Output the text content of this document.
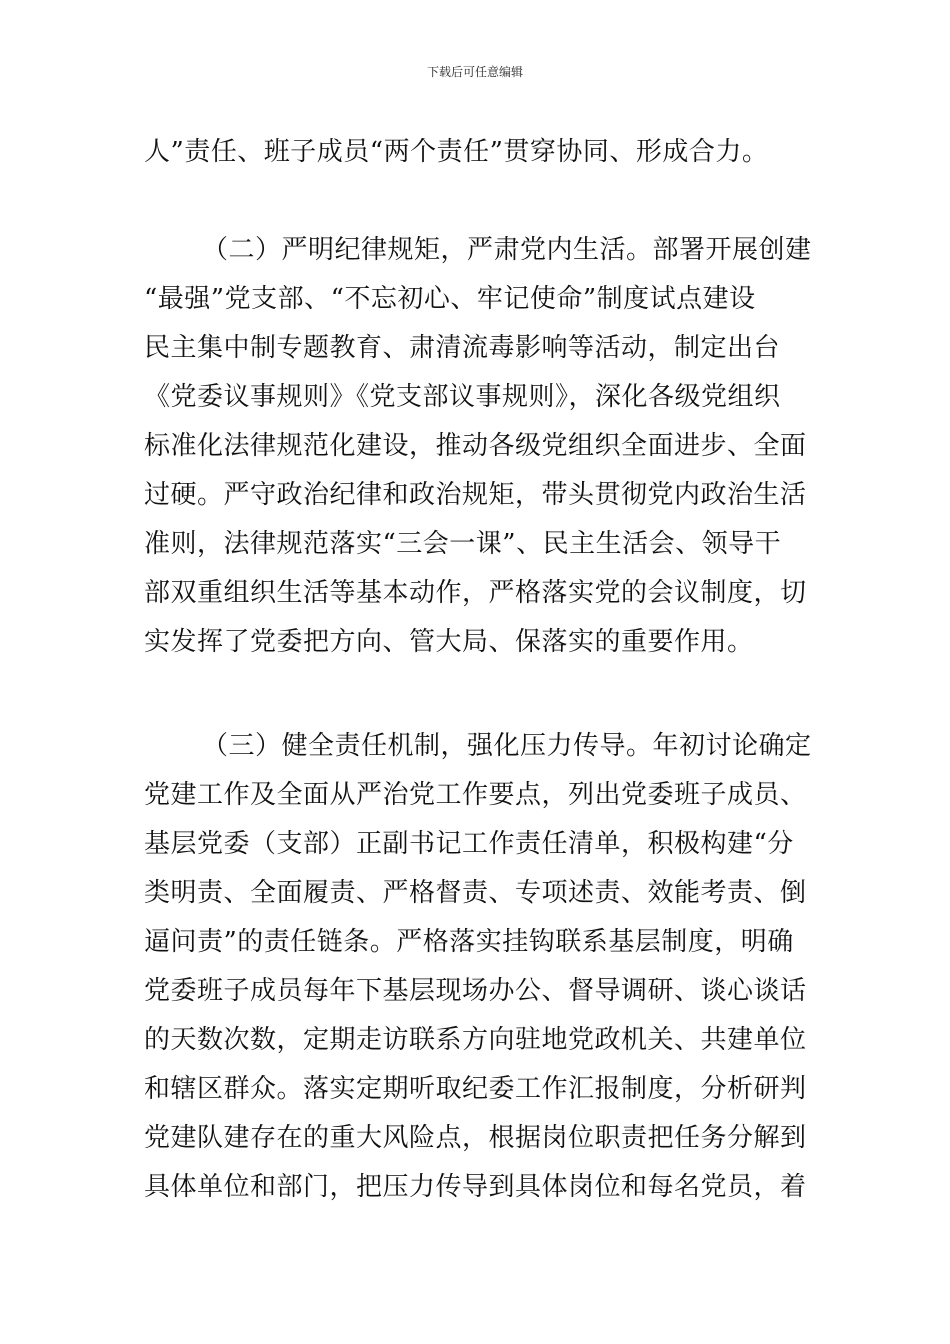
下载后可任意编辑
人”责任、班子成员“两个责任”贯穿协同、形成合力。
（二）严明纪律规矩，严肃党内生活。部署开展创建
“最强”党支部、“不忘初心、牢记使命”制度试点建设
民主集中制专题教育、肃清流毒影响等活动，制定出台
《党委议事规则》《党支部议事规则》，深化各级党组织
标准化法律规范化建设，推动各级党组织全面进步、全面
过硬。严守政治纪律和政治规矩，带头贯彻党内政治生活
准则，法律规范落实“三会一课”、民主生活会、领导干
部双重组织生活等基本动作，严格落实党的会议制度，切
实发挥了党委把方向、管大局、保落实的重要作用。
（三）健全责任机制，强化压力传导。年初讨论确定
党建工作及全面从严治党工作要点，列出党委班子成员、
基层党委（支部）正副书记工作责任清单，积极构建“分
类明责、全面履责、严格督责、专项述责、效能考责、倒
逼问责”的责任链条。严格落实挂钩联系基层制度，明确
党委班子成员每年下基层现场办公、督导调研、谈心谈话
的天数次数，定期走访联系方向驻地党政机关、共建单位
和辖区群众。落实定期听取纪委工作汇报制度，分析研判
党建队建存在的重大风险点，根据岗位职责把任务分解到
具体单位和部门，把压力传导到具体岗位和每名党员，着
